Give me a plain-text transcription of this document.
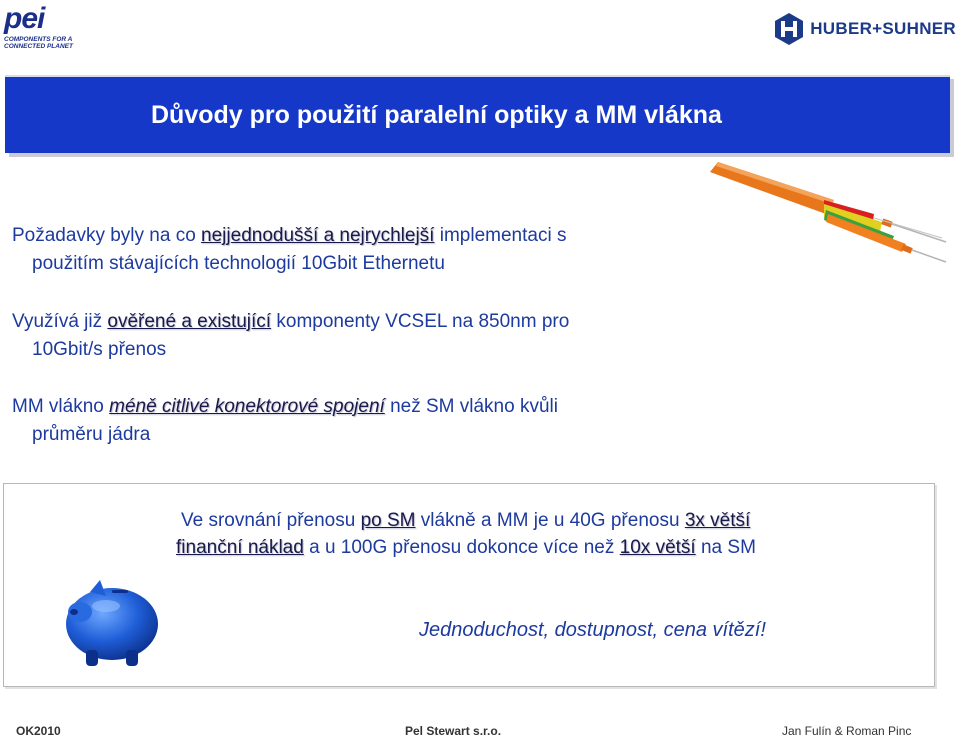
pei
COMPONENTS FOR A CONNECTED PLANET
HUBER+SUHNER
Důvody pro použití paralelní optiky a MM vlákna
Požadavky byly na co nejjednodušší a nejrychlejší implementaci s
použitím stávajících technologií 10Gbit Ethernetu
Využívá již ověřené a existující komponenty VCSEL na 850nm pro
10Gbit/s přenos
MM vlákno méně citlivé konektorové spojení než SM vlákno kvůli
průměru jádra
Ve srovnání přenosu po SM vlákně a MM je u 40G přenosu 3x větší
finanční náklad a u 100G přenosu dokonce více než 10x větší na SM
Jednoduchost, dostupnost, cena vítězí!
OK2010	Pel Stewart s.r.o.	Jan Fulín & Roman Pinc
